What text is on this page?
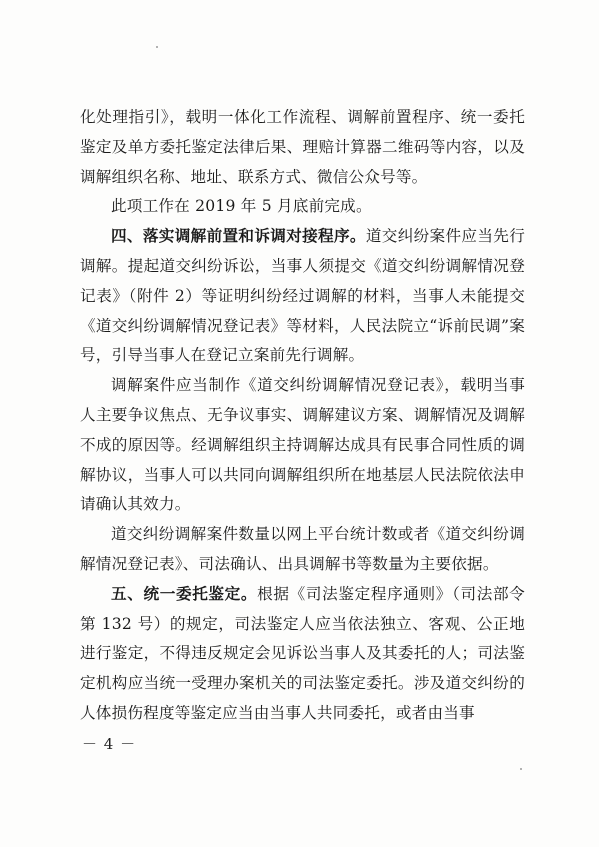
化处理指引》，载明一体化工作流程、调解前置程序、统一委托鉴定及单方委托鉴定法律后果、理赔计算器二维码等内容，以及调解组织名称、地址、联系方式、微信公众号等。

此项工作在 2019 年 5 月底前完成。

四、落实调解前置和诉调对接程序。道交纠纷案件应当先行调解。提起道交纠纷诉讼，当事人须提交《道交纠纷调解情况登记表》（附件 2）等证明纠纷经过调解的材料，当事人未能提交《道交纠纷调解情况登记表》等材料，人民法院立“诉前民调”案号，引导当事人在登记立案前先行调解。

调解案件应当制作《道交纠纷调解情况登记表》，载明当事人主要争议焦点、无争议事实、调解建议方案、调解情况及调解不成的原因等。经调解组织主持调解达成具有民事合同性质的调解协议，当事人可以共同向调解组织所在地基层人民法院依法申请确认其效力。

道交纠纷调解案件数量以网上平台统计数或者《道交纠纷调解情况登记表》、司法确认、出具调解书等数量为主要依据。

五、统一委托鉴定。根据《司法鉴定程序通则》（司法部令第 132 号）的规定，司法鉴定人应当依法独立、客观、公正地进行鉴定，不得违反规定会见诉讼当事人及其委托的人；司法鉴定机构应当统一受理办案机关的司法鉴定委托。涉及道交纠纷的人体损伤程度等鉴定应当由当事人共同委托，或者由当事

－ 4 －
